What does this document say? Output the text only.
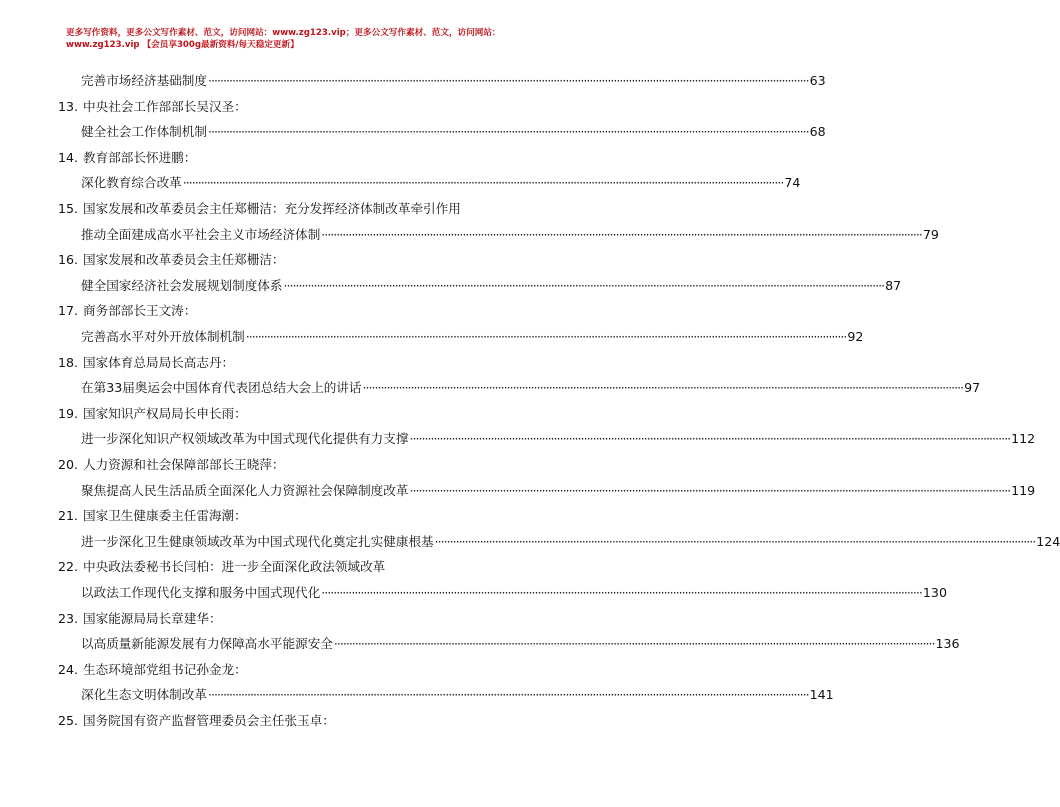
更多写作资料，更多公文写作素材、范文，访问网站：www.zg123.vip；更多公文写作素材、范文，访问网站：
www.zg123.vip 【会员享300g最新资料/每天稳定更新】
完善市场经济基础制度 ········································································································································································································ 63
13. 中央社会工作部部长吴汉圣：
健全社会工作体制机制 ········································································································································································································ 68
14. 教育部部长怀进鹏：
深化教育综合改革 ········································································································································································································ 74
15. 国家发展和改革委员会主任郑栅洁：充分发挥经济体制改革牵引作用
推动全面建成高水平社会主义市场经济体制 ········································································································································································································ 79
16. 国家发展和改革委员会主任郑栅洁：
健全国家经济社会发展规划制度体系 ········································································································································································································ 87
17. 商务部部长王文涛：
完善高水平对外开放体制机制 ········································································································································································································ 92
18. 国家体育总局局长高志丹：
在第33届奥运会中国体育代表团总结大会上的讲话 ········································································································································································································ 97
19. 国家知识产权局局长申长雨：
进一步深化知识产权领域改革为中国式现代化提供有力支撑 ········································································································································································································ 112
20. 人力资源和社会保障部部长王晓萍：
聚焦提高人民生活品质全面深化人力资源社会保障制度改革 ········································································································································································································ 119
21. 国家卫生健康委主任雷海潮：
进一步深化卫生健康领域改革为中国式现代化奠定扎实健康根基 ········································································································································································································ 124
22. 中央政法委秘书长闫柏：进一步全面深化政法领域改革
以政法工作现代化支撑和服务中国式现代化 ········································································································································································································ 130
23. 国家能源局局长章建华：
以高质量新能源发展有力保障高水平能源安全 ········································································································································································································ 136
24. 生态环境部党组书记孙金龙：
深化生态文明体制改革 ········································································································································································································ 141
25. 国务院国有资产监督管理委员会主任张玉卓：
